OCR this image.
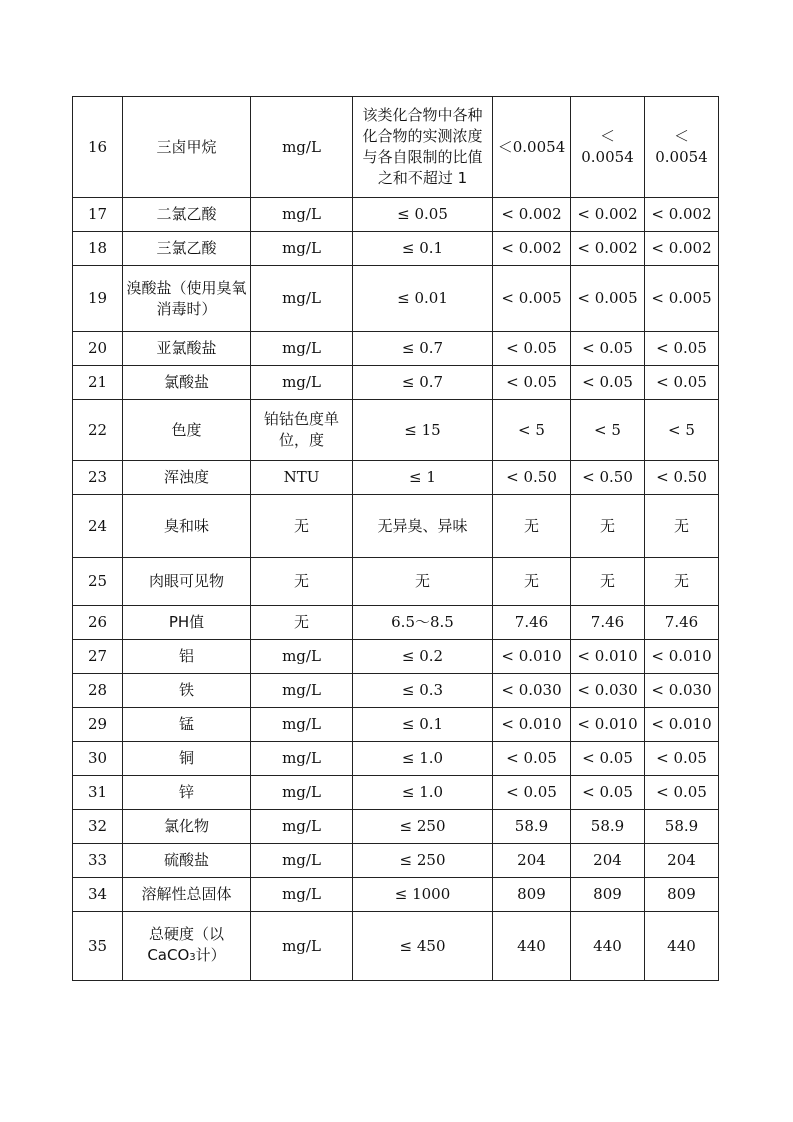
16	三卤甲烷	mg/L	该类化合物中各种化合物的实测浓度与各自限制的比值之和不超过 1	＜0.0054	＜0.0054	＜0.0054
17	二氯乙酸	mg/L	≤ 0.05	< 0.002	< 0.002	< 0.002
18	三氯乙酸	mg/L	≤ 0.1	< 0.002	< 0.002	< 0.002
19	溴酸盐（使用臭氧消毒时）	mg/L	≤ 0.01	< 0.005	< 0.005	< 0.005
20	亚氯酸盐	mg/L	≤ 0.7	< 0.05	< 0.05	< 0.05
21	氯酸盐	mg/L	≤ 0.7	< 0.05	< 0.05	< 0.05
22	色度	铂钴色度单位，度	≤ 15	< 5	< 5	< 5
23	浑浊度	NTU	≤ 1	< 0.50	< 0.50	< 0.50
24	臭和味	无	无异臭、异味	无	无	无
25	肉眼可见物	无	无	无	无	无
26	PH值	无	6.5～8.5	7.46	7.46	7.46
27	铝	mg/L	≤ 0.2	< 0.010	< 0.010	< 0.010
28	铁	mg/L	≤ 0.3	< 0.030	< 0.030	< 0.030
29	锰	mg/L	≤ 0.1	< 0.010	< 0.010	< 0.010
30	铜	mg/L	≤ 1.0	< 0.05	< 0.05	< 0.05
31	锌	mg/L	≤ 1.0	< 0.05	< 0.05	< 0.05
32	氯化物	mg/L	≤ 250	58.9	58.9	58.9
33	硫酸盐	mg/L	≤ 250	204	204	204
34	溶解性总固体	mg/L	≤ 1000	809	809	809
35	总硬度（以CaCO3计）	mg/L	≤ 450	440	440	440
